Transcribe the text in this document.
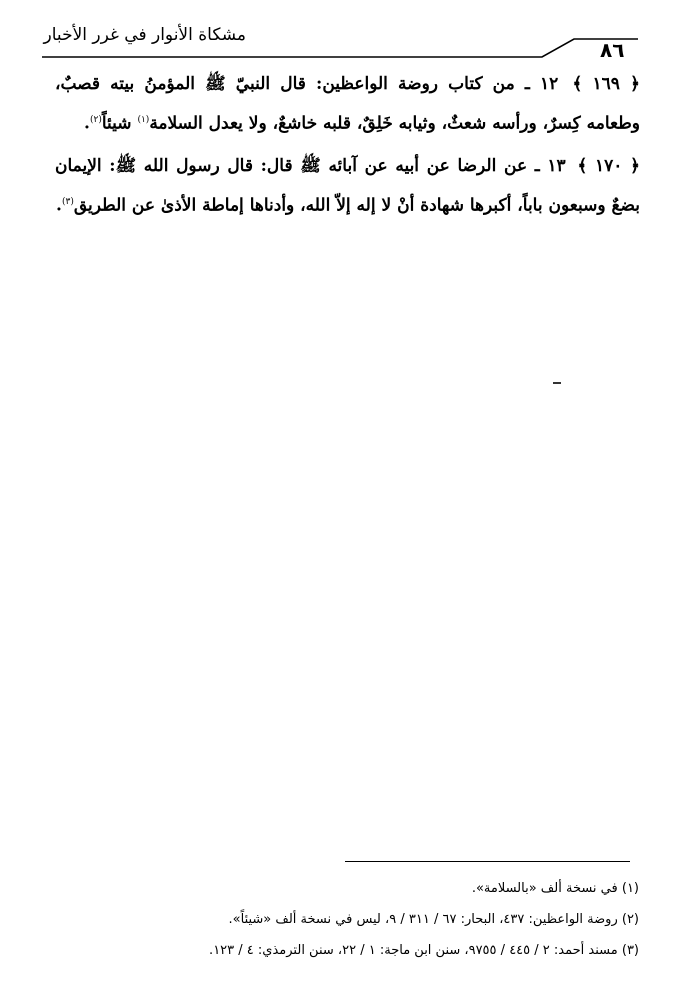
مشكاة الأنوار في غرر الأخبار
٨٦

﴿ ١٦٩ ﴾ ١٢ ـ من كتاب روضة الواعظين: قال النبيّ ﷺ المؤمنُ بيته قصبٌ، وطعامه كِسرٌ، ورأسه شعثٌ، وثيابه خَلِقٌ، قلبه خاشعٌ، ولا يعدل السلامة$^{(١)}$ شيئاً$^{(٢)}$.

﴿ ١٧٠ ﴾ ١٣ ـ عن الرضا عن أبيه عن آبائه ﷺ قال: قال رسول الله ﷺ: الإيمان بضعٌ وسبعون باباً، أكبرها شهادة أنْ لا إله إلاّ الله، وأدناها إماطة الأذىٰ عن الطريق$^{(٣)}$.

(١) في نسخة ألف «بالسلامة».

(٢) روضة الواعظين: ٤٣٧، البحار: ٦٧ / ٣١١ / ٩، ليس في نسخة ألف «شيئاً».

(٣) مسند أحمد: ٢ / ٤٤٥ / ٩٧٥٥، سنن ابن ماجة: ١ / ٢٢، سنن الترمذي: ٤ / ١٢٣.
